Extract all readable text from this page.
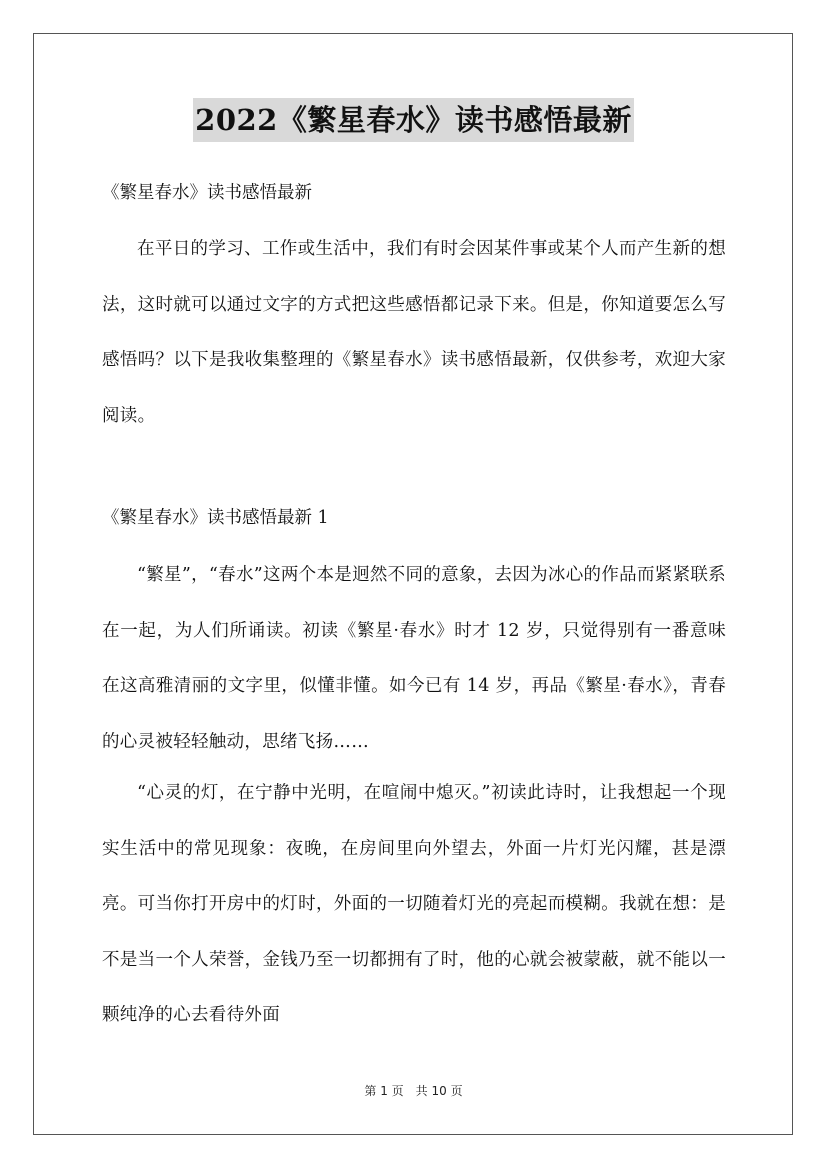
2022《繁星春水》读书感悟最新

《繁星春水》读书感悟最新

在平日的学习、工作或生活中，我们有时会因某件事或某个人而产生新的想法，这时就可以通过文字的方式把这些感悟都记录下来。但是，你知道要怎么写感悟吗？以下是我收集整理的《繁星春水》读书感悟最新，仅供参考，欢迎大家阅读。

《繁星春水》读书感悟最新 1

“繁星”，“春水”这两个本是迥然不同的意象，去因为冰心的作品而紧紧联系在一起，为人们所诵读。初读《繁星·春水》时才 12 岁，只觉得别有一番意味在这高雅清丽的文字里，似懂非懂。如今已有 14 岁，再品《繁星·春水》，青春的心灵被轻轻触动，思绪飞扬……

“心灵的灯，在宁静中光明，在喧闹中熄灭。”初读此诗时，让我想起一个现实生活中的常见现象：夜晚，在房间里向外望去，外面一片灯光闪耀，甚是漂亮。可当你打开房中的灯时，外面的一切随着灯光的亮起而模糊。我就在想：是不是当一个人荣誉，金钱乃至一切都拥有了时，他的心就会被蒙蔽，就不能以一颗纯净的心去看待外面

第 1 页　共 10 页
